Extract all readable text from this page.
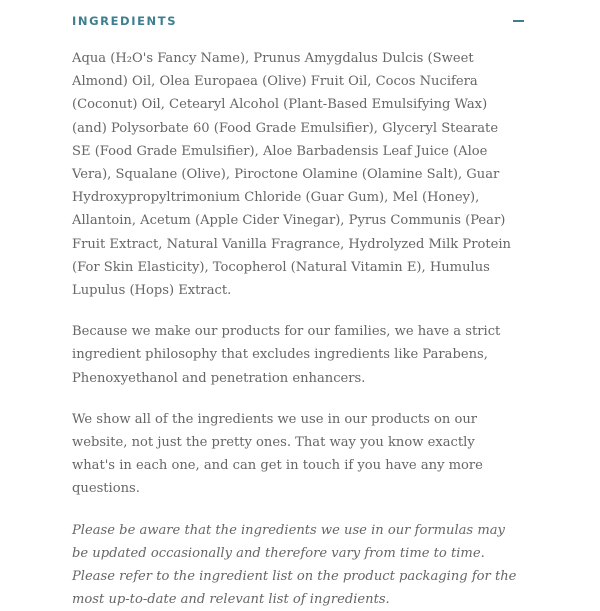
INGREDIENTS

Aqua (H₂O's Fancy Name), Prunus Amygdalus Dulcis (Sweet Almond) Oil, Olea Europaea (Olive) Fruit Oil, Cocos Nucifera (Coconut) Oil, Cetearyl Alcohol (Plant-Based Emulsifying Wax) (and) Polysorbate 60 (Food Grade Emulsifier), Glyceryl Stearate SE (Food Grade Emulsifier), Aloe Barbadensis Leaf Juice (Aloe Vera), Squalane (Olive), Piroctone Olamine (Olamine Salt), Guar Hydroxypropyltrimonium Chloride (Guar Gum), Mel (Honey), Allantoin, Acetum (Apple Cider Vinegar), Pyrus Communis (Pear) Fruit Extract, Natural Vanilla Fragrance, Hydrolyzed Milk Protein (For Skin Elasticity), Tocopherol (Natural Vitamin E), Humulus Lupulus (Hops) Extract.

Because we make our products for our families, we have a strict ingredient philosophy that excludes ingredients like Parabens, Phenoxyethanol and penetration enhancers.

We show all of the ingredients we use in our products on our website, not just the pretty ones. That way you know exactly what's in each one, and can get in touch if you have any more questions.

Please be aware that the ingredients we use in our formulas may be updated occasionally and therefore vary from time to time. Please refer to the ingredient list on the product packaging for the most up-to-date and relevant list of ingredients.
